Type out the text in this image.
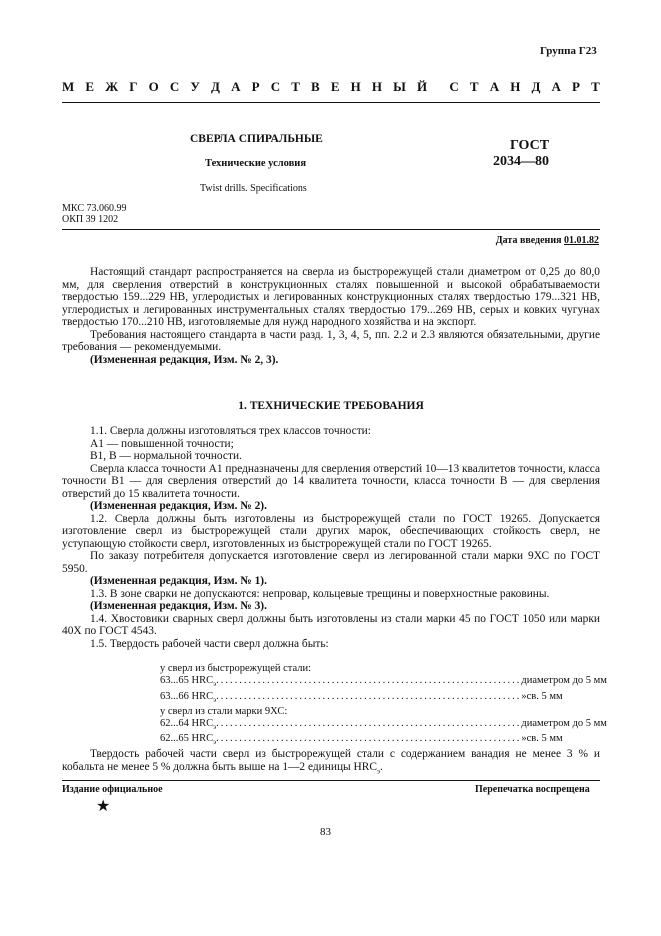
Группа Г23
М Е Ж Г О С У Д А Р С Т В Е Н Н Ы Й С Т А Н Д А Р Т
СВЕРЛА СПИРАЛЬНЫЕ
Технические условия
Twist drills. Specifications
ГОСТ
2034—80
МКС 73.060.99
ОКП 39 1202
Дата введения 01.01.82

Настоящий стандарт распространяется на сверла из быстрорежущей стали диаметром от 0,25 до 80,0 мм, для сверления отверстий в конструкционных сталях повышенной и высокой обрабатываемости твердостью 159...229 НВ, углеродистых и легированных конструкционных сталях твердостью 179...321 НВ, углеродистых и легированных инструментальных сталях твердостью 179...269 НВ, серых и ковких чугунах твердостью 170...210 НВ, изготовляемые для нужд народного хозяйства и на экспорт.

Требования настоящего стандарта в части разд. 1, 3, 4, 5, пп. 2.2 и 2.3 являются обязательными, другие требования — рекомендуемыми.

(Измененная редакция, Изм. № 2, 3).

1. ТЕХНИЧЕСКИЕ ТРЕБОВАНИЯ

1.1. Сверла должны изготовляться трех классов точности:

А1 — повышенной точности;

В1, В — нормальной точности.

Сверла класса точности А1 предназначены для сверления отверстий 10—13 квалитетов точности, класса точности В1 — для сверления отверстий до 14 квалитета точности, класса точности В — для сверления отверстий до 15 квалитета точности.

(Измененная редакция, Изм. № 2).

1.2. Сверла должны быть изготовлены из быстрорежущей стали по ГОСТ 19265. Допускается изготовление сверл из быстрорежущей стали других марок, обеспечивающих стойкость сверл, не уступающую стойкости сверл, изготовленных из быстрорежущей стали по ГОСТ 19265.

По заказу потребителя допускается изготовление сверл из легированной стали марки 9ХС по ГОСТ 5950.

(Измененная редакция, Изм. № 1).

1.3. В зоне сварки не допускаются: непровар, кольцевые трещины и поверхностные раковины.

(Измененная редакция, Изм. № 3).

1.4. Хвостовики сварных сверл должны быть изготовлены из стали марки 45 по ГОСТ 1050 или марки 40Х по ГОСТ 4543.

1.5. Твердость рабочей части сверл должна быть:

у сверл из быстрорежущей стали:
63...65 $HRC_э$ .................................................................. диаметром до 5 мм
63...66 $HRC_э$ .................................................................. » св. 5 мм
у сверл из стали марки 9ХС:
62...64 $HRC_э$ .................................................................. диаметром до 5 мм
62...65 $HRC_э$ .................................................................. » св. 5 мм

Твердость рабочей части сверл из быстрорежущей стали с содержанием ванадия не менее 3 % и кобальта не менее 5 % должна быть выше на 1—2 единицы $HRC_э$.

Издание официальное	Перепечатка воспрещена
★
83
